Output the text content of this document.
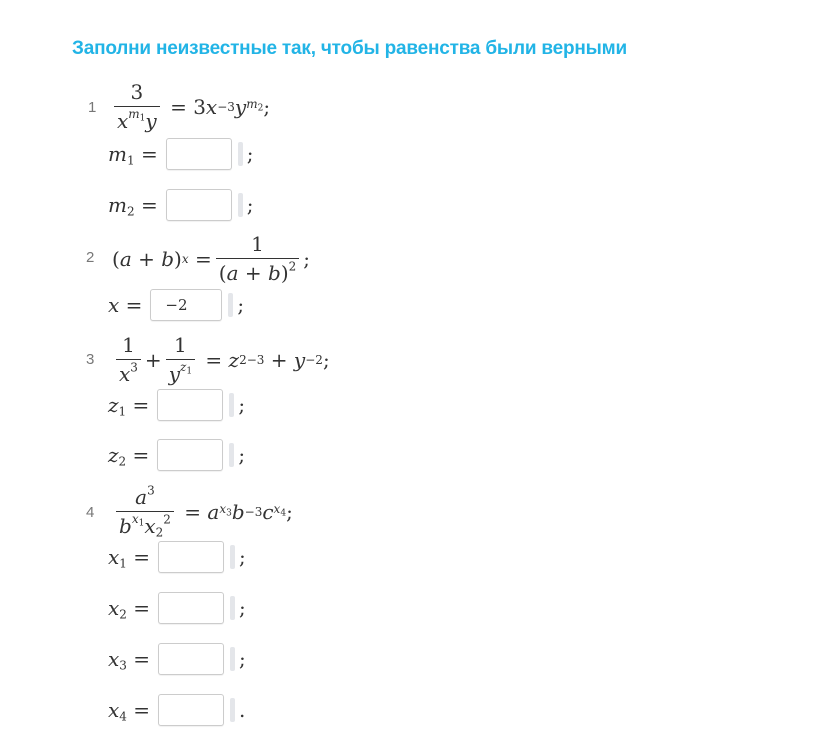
Заполни неизвестные так, чтобы равенства были верными
$1 \frac{3}{x^{m_1}y} = 3$ x −3 y $m_2$ ;
$m_1$ =	;
$m_2$ =	;
2 ( a + b ) $x = \frac{1}{(a + b)^2}$ ;
x =	−2	;
$3 \frac{1}{x^3} + \frac{1}{y^{z_1}} = z$ 2 −3 + y −2 ;
$z_1$ =	;
$z_2$ =	;
$4 \frac{a^3}{b^{x_1}x_2^2} = a$ $x_3$ b −3 c $x_4$ ;
$x_1$ =	;
$x_2$ =	;
$x_3$ =	;
$x_4$ =	.
